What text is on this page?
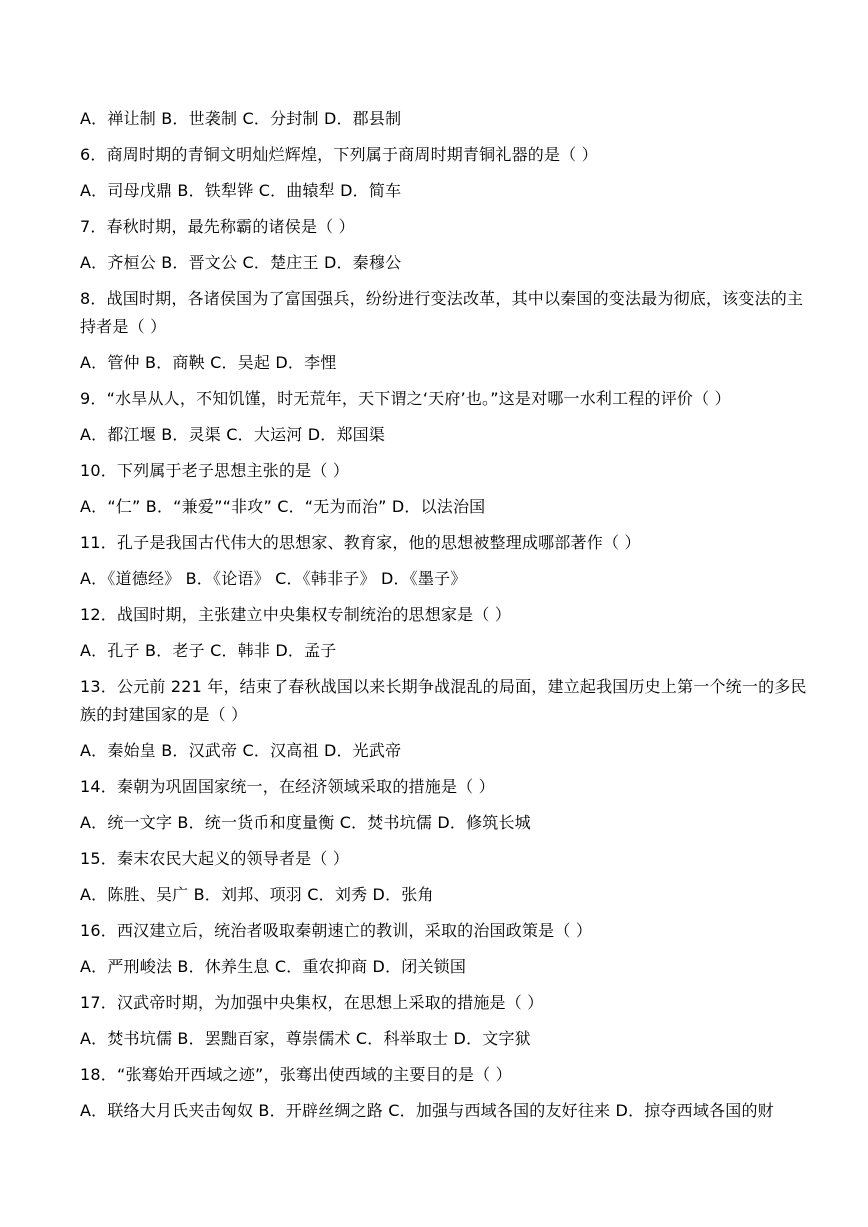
A．禅让制 B．世袭制 C．分封制 D．郡县制
6．商周时期的青铜文明灿烂辉煌，下列属于商周时期青铜礼器的是（ ）
A．司母戊鼎 B．铁犁铧 C．曲辕犁 D．简车
7．春秋时期，最先称霸的诸侯是（ ）
A．齐桓公 B．晋文公 C．楚庄王 D．秦穆公
8．战国时期，各诸侯国为了富国强兵，纷纷进行变法改革，其中以秦国的变法最为彻底，该变法的主
持者是（ ）
A．管仲 B．商鞅 C．吴起 D．李悝
9．“水旱从人，不知饥馑，时无荒年，天下谓之‘天府’也。”这是对哪一水利工程的评价（ ）
A．都江堰 B．灵渠 C．大运河 D．郑国渠
10．下列属于老子思想主张的是（ ）
A．“仁” B．“兼爱”“非攻” C．“无为而治” D．以法治国
11．孔子是我国古代伟大的思想家、教育家，他的思想被整理成哪部著作（ ）
A．《道德经》 B．《论语》 C．《韩非子》 D．《墨子》
12．战国时期，主张建立中央集权专制统治的思想家是（ ）
A．孔子 B．老子 C．韩非 D．孟子
13．公元前 221 年，结束了春秋战国以来长期争战混乱的局面，建立起我国历史上第一个统一的多民
族的封建国家的是（ ）
A．秦始皇 B．汉武帝 C．汉高祖 D．光武帝
14．秦朝为巩固国家统一，在经济领域采取的措施是（ ）
A．统一文字 B．统一货币和度量衡 C．焚书坑儒 D．修筑长城
15．秦末农民大起义的领导者是（ ）
A．陈胜、吴广 B．刘邦、项羽 C．刘秀 D．张角
16．西汉建立后，统治者吸取秦朝速亡的教训，采取的治国政策是（ ）
A．严刑峻法 B．休养生息 C．重农抑商 D．闭关锁国
17．汉武帝时期，为加强中央集权，在思想上采取的措施是（ ）
A．焚书坑儒 B．罢黜百家，尊崇儒术 C．科举取士 D．文字狱
18．“张骞始开西域之迹”，张骞出使西域的主要目的是（ ）
A．联络大月氏夹击匈奴 B．开辟丝绸之路 C．加强与西域各国的友好往来 D．掠夺西域各国的财
